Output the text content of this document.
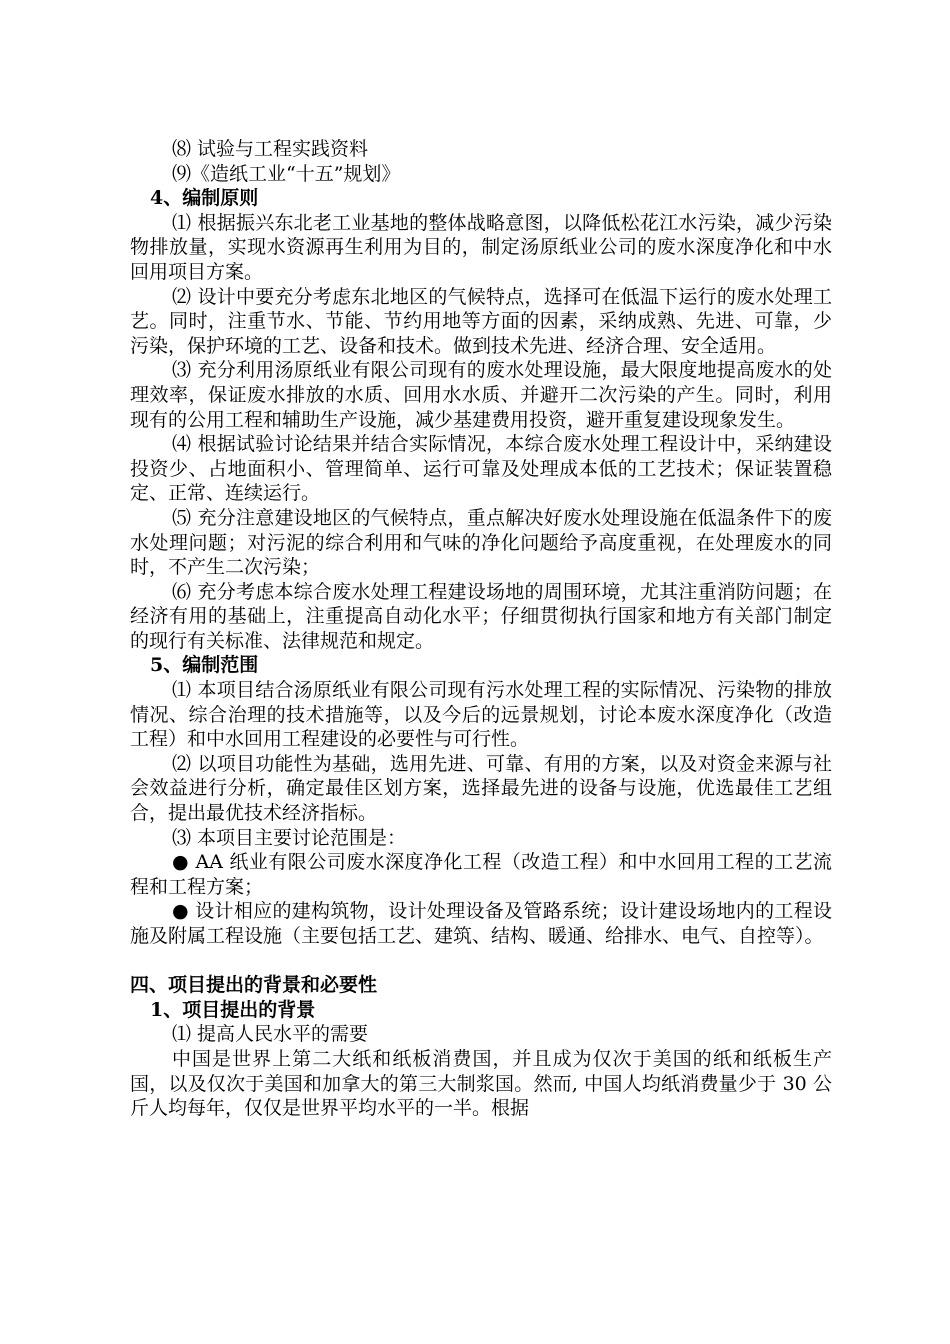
⑻ 试验与工程实践资料

⑼《造纸工业“十五”规划》

4、编制原则

⑴ 根据振兴东北老工业基地的整体战略意图，以降低松花江水污染，减少污染物排放量，实现水资源再生利用为目的，制定汤原纸业公司的废水深度净化和中水回用项目方案。

⑵ 设计中要充分考虑东北地区的气候特点，选择可在低温下运行的废水处理工艺。同时，注重节水、节能、节约用地等方面的因素，采纳成熟、先进、可靠，少污染，保护环境的工艺、设备和技术。做到技术先进、经济合理、安全适用。

⑶ 充分利用汤原纸业有限公司现有的废水处理设施，最大限度地提高废水的处理效率，保证废水排放的水质、回用水水质、并避开二次污染的产生。同时，利用现有的公用工程和辅助生产设施，减少基建费用投资，避开重复建设现象发生。

⑷ 根据试验讨论结果并结合实际情况，本综合废水处理工程设计中，采纳建设投资少、占地面积小、管理简单、运行可靠及处理成本低的工艺技术；保证装置稳定、正常、连续运行。

⑸ 充分注意建设地区的气候特点，重点解决好废水处理设施在低温条件下的废水处理问题；对污泥的综合利用和气味的净化问题给予高度重视，在处理废水的同时，不产生二次污染；

⑹ 充分考虑本综合废水处理工程建设场地的周围环境，尤其注重消防问题；在经济有用的基础上，注重提高自动化水平；仔细贯彻执行国家和地方有关部门制定的现行有关标准、法律规范和规定。

5、编制范围

⑴ 本项目结合汤原纸业有限公司现有污水处理工程的实际情况、污染物的排放情况、综合治理的技术措施等，以及今后的远景规划，讨论本废水深度净化（改造工程）和中水回用工程建设的必要性与可行性。

⑵ 以项目功能性为基础，选用先进、可靠、有用的方案，以及对资金来源与社会效益进行分析，确定最佳区划方案，选择最先进的设备与设施，优选最佳工艺组合，提出最优技术经济指标。

⑶ 本项目主要讨论范围是：

● AA 纸业有限公司废水深度净化工程（改造工程）和中水回用工程的工艺流程和工程方案；

● 设计相应的建构筑物，设计处理设备及管路系统；设计建设场地内的工程设施及附属工程设施（主要包括工艺、建筑、结构、暖通、给排水、电气、自控等）。

四、项目提出的背景和必要性

1、项目提出的背景

⑴ 提高人民水平的需要

中国是世界上第二大纸和纸板消费国，并且成为仅次于美国的纸和纸板生产国，以及仅次于美国和加拿大的第三大制浆国。然而, 中国人均纸消费量少于 30 公斤人均每年，仅仅是世界平均水平的一半。根据
